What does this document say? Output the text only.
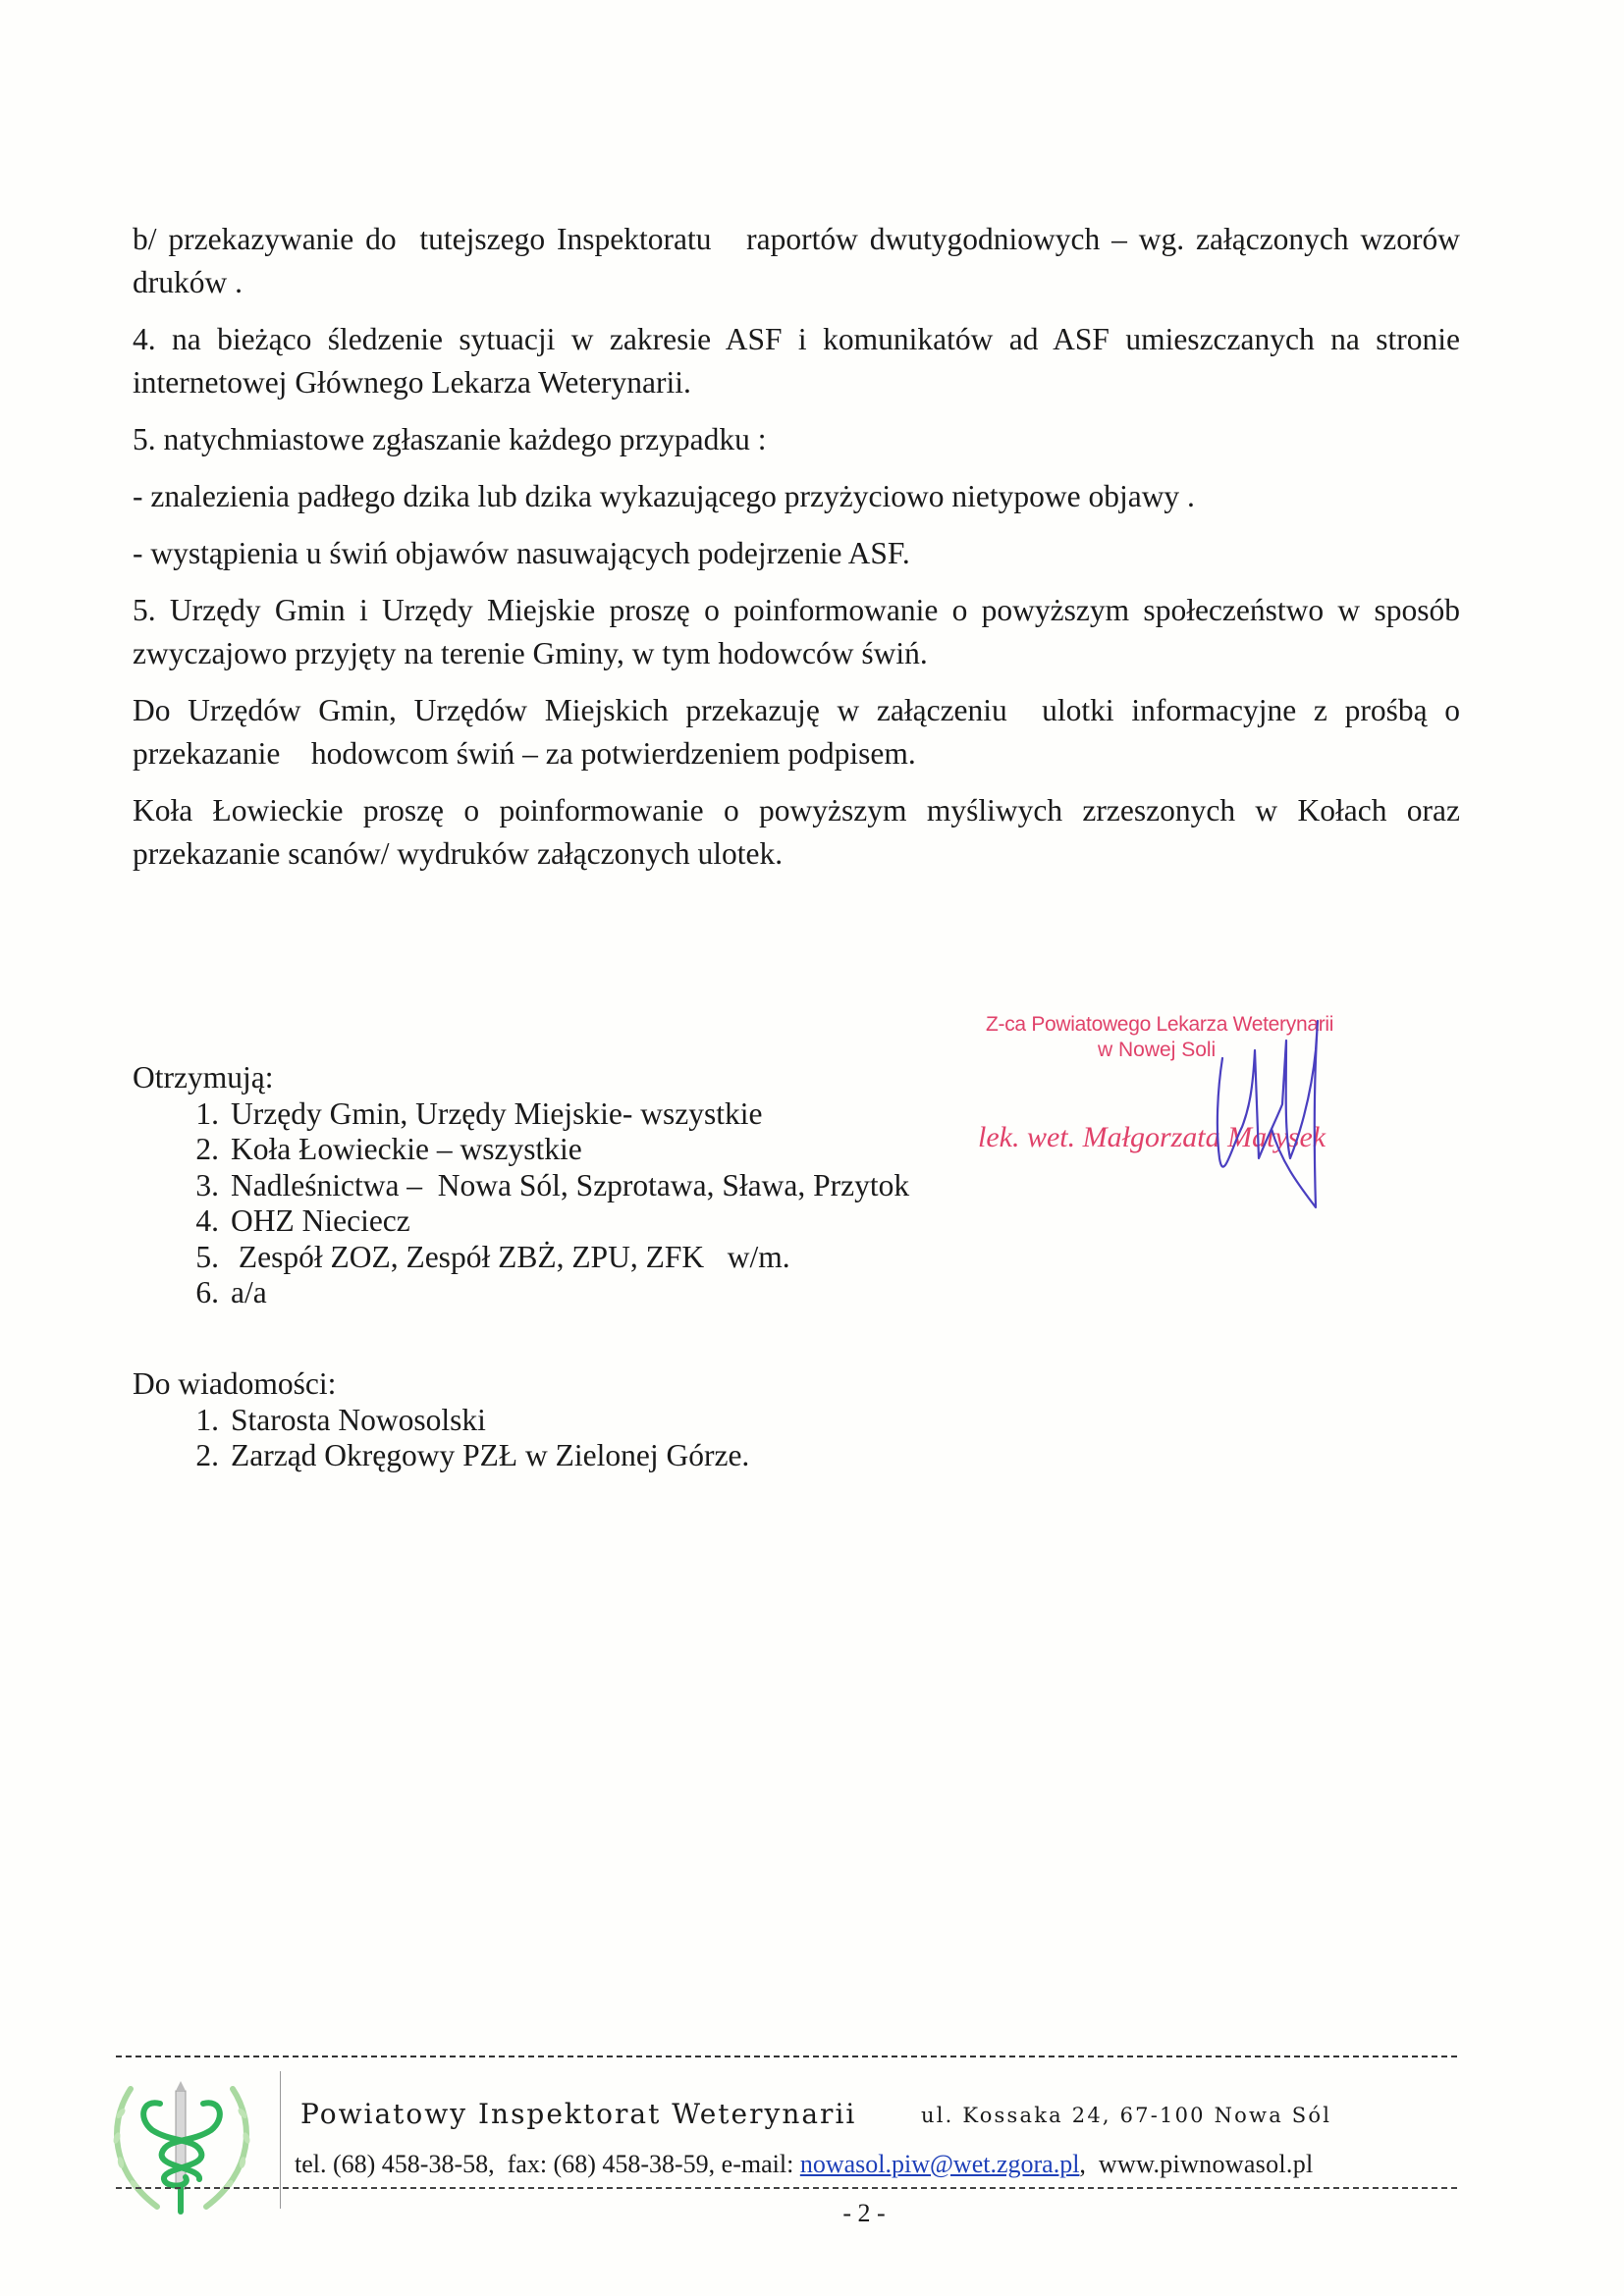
b/ przekazywanie do  tutejszego Inspektoratu   raportów dwutygodniowych – wg. załączonych wzorów druków .

4. na bieżąco śledzenie sytuacji w zakresie ASF i komunikatów ad ASF umieszczanych na stronie internetowej Głównego Lekarza Weterynarii.

5. natychmiastowe zgłaszanie każdego przypadku :

- znalezienia padłego dzika lub dzika wykazującego przyżyciowo nietypowe objawy .

- wystąpienia u świń objawów nasuwających podejrzenie ASF.

5. Urzędy Gmin i Urzędy Miejskie proszę o poinformowanie o powyższym społeczeństwo w sposób zwyczajowo przyjęty na terenie Gminy, w tym hodowców świń.

Do Urzędów Gmin, Urzędów Miejskich przekazuję w załączeniu  ulotki informacyjne z prośbą o przekazanie    hodowcom świń – za potwierdzeniem podpisem.

Koła Łowieckie proszę o poinformowanie o powyższym myśliwych zrzeszonych w Kołach oraz przekazanie scanów/ wydruków załączonych ulotek.

Z-ca Powiatowego Lekarza Weterynarii
w Nowej Soli
lek. wet. Małgorzata Matysek

Otrzymują:

1. Urzędy Gmin, Urzędy Miejskie- wszystkie
2. Koła Łowieckie – wszystkie
3. Nadleśnictwa –  Nowa Sól, Szprotawa, Sława, Przytok
4. OHZ Nieciecz
5. Zespół ZOZ, Zespół ZBŻ, ZPU, ZFK   w/m.
6. a/a

Do wiadomości:

1. Starosta Nowosolski
2. Zarząd Okręgowy PZŁ w Zielonej Górze.
Powiatowy Inspektorat Weterynarii	ul. Kossaka 24, 67-100 Nowa Sól
tel. (68) 458-38-58,  fax: (68) 458-38-59, e-mail: nowasol.piw@wet.zgora.pl,  www.piwnowasol.pl
- 2 -
